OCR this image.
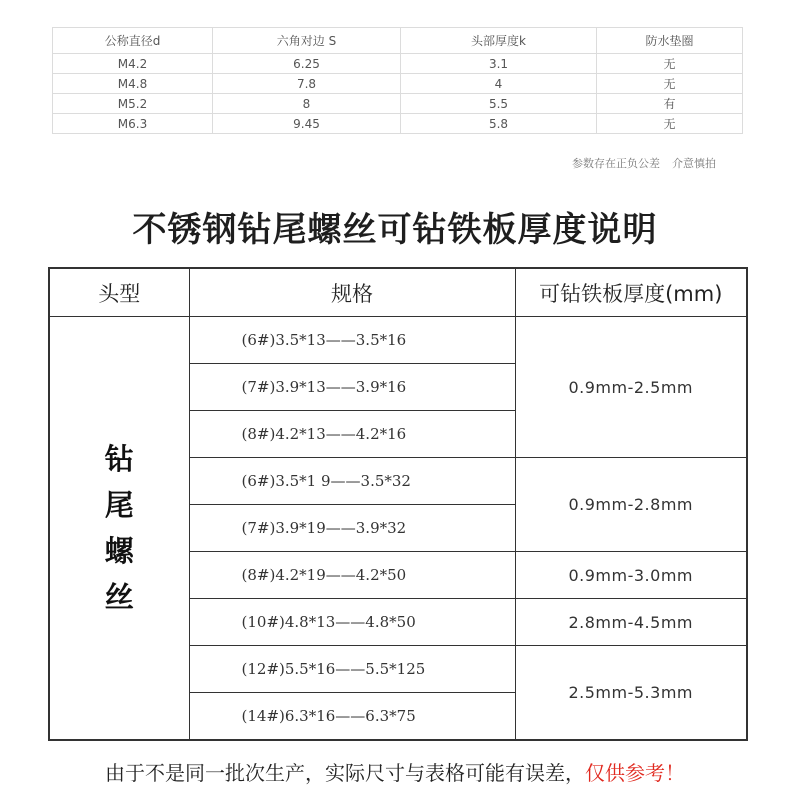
公称直径d	六角对边 S	头部厚度k	防水垫圈
M4.2	6.25	3.1	无
M4.8	7.8	4	无
M5.2	8	5.5	有
M6.3	9.45	5.8	无
参数存在正负公差 介意慎拍
不锈钢钻尾螺丝可钻铁板厚度说明
头型	规格	可钻铁板厚度(mm)

钻尾螺丝	(6#)3.5*13——3.5*16	0.9mm-2.5mm
	(7#)3.9*13——3.9*16	
	(8#)4.2*13——4.2*16	
	(6#)3.5*1 9——3.5*32	0.9mm-2.8mm
	(7#)3.9*19——3.9*32	
	(8#)4.2*19——4.2*50	0.9mm-3.0mm
	(10#)4.8*13——4.8*50	2.8mm-4.5mm
	(12#)5.5*16——5.5*125	2.5mm-5.3mm
	(14#)6.3*16——6.3*75	
由于不是同一批次生产，实际尺寸与表格可能有误差，仅供参考！
